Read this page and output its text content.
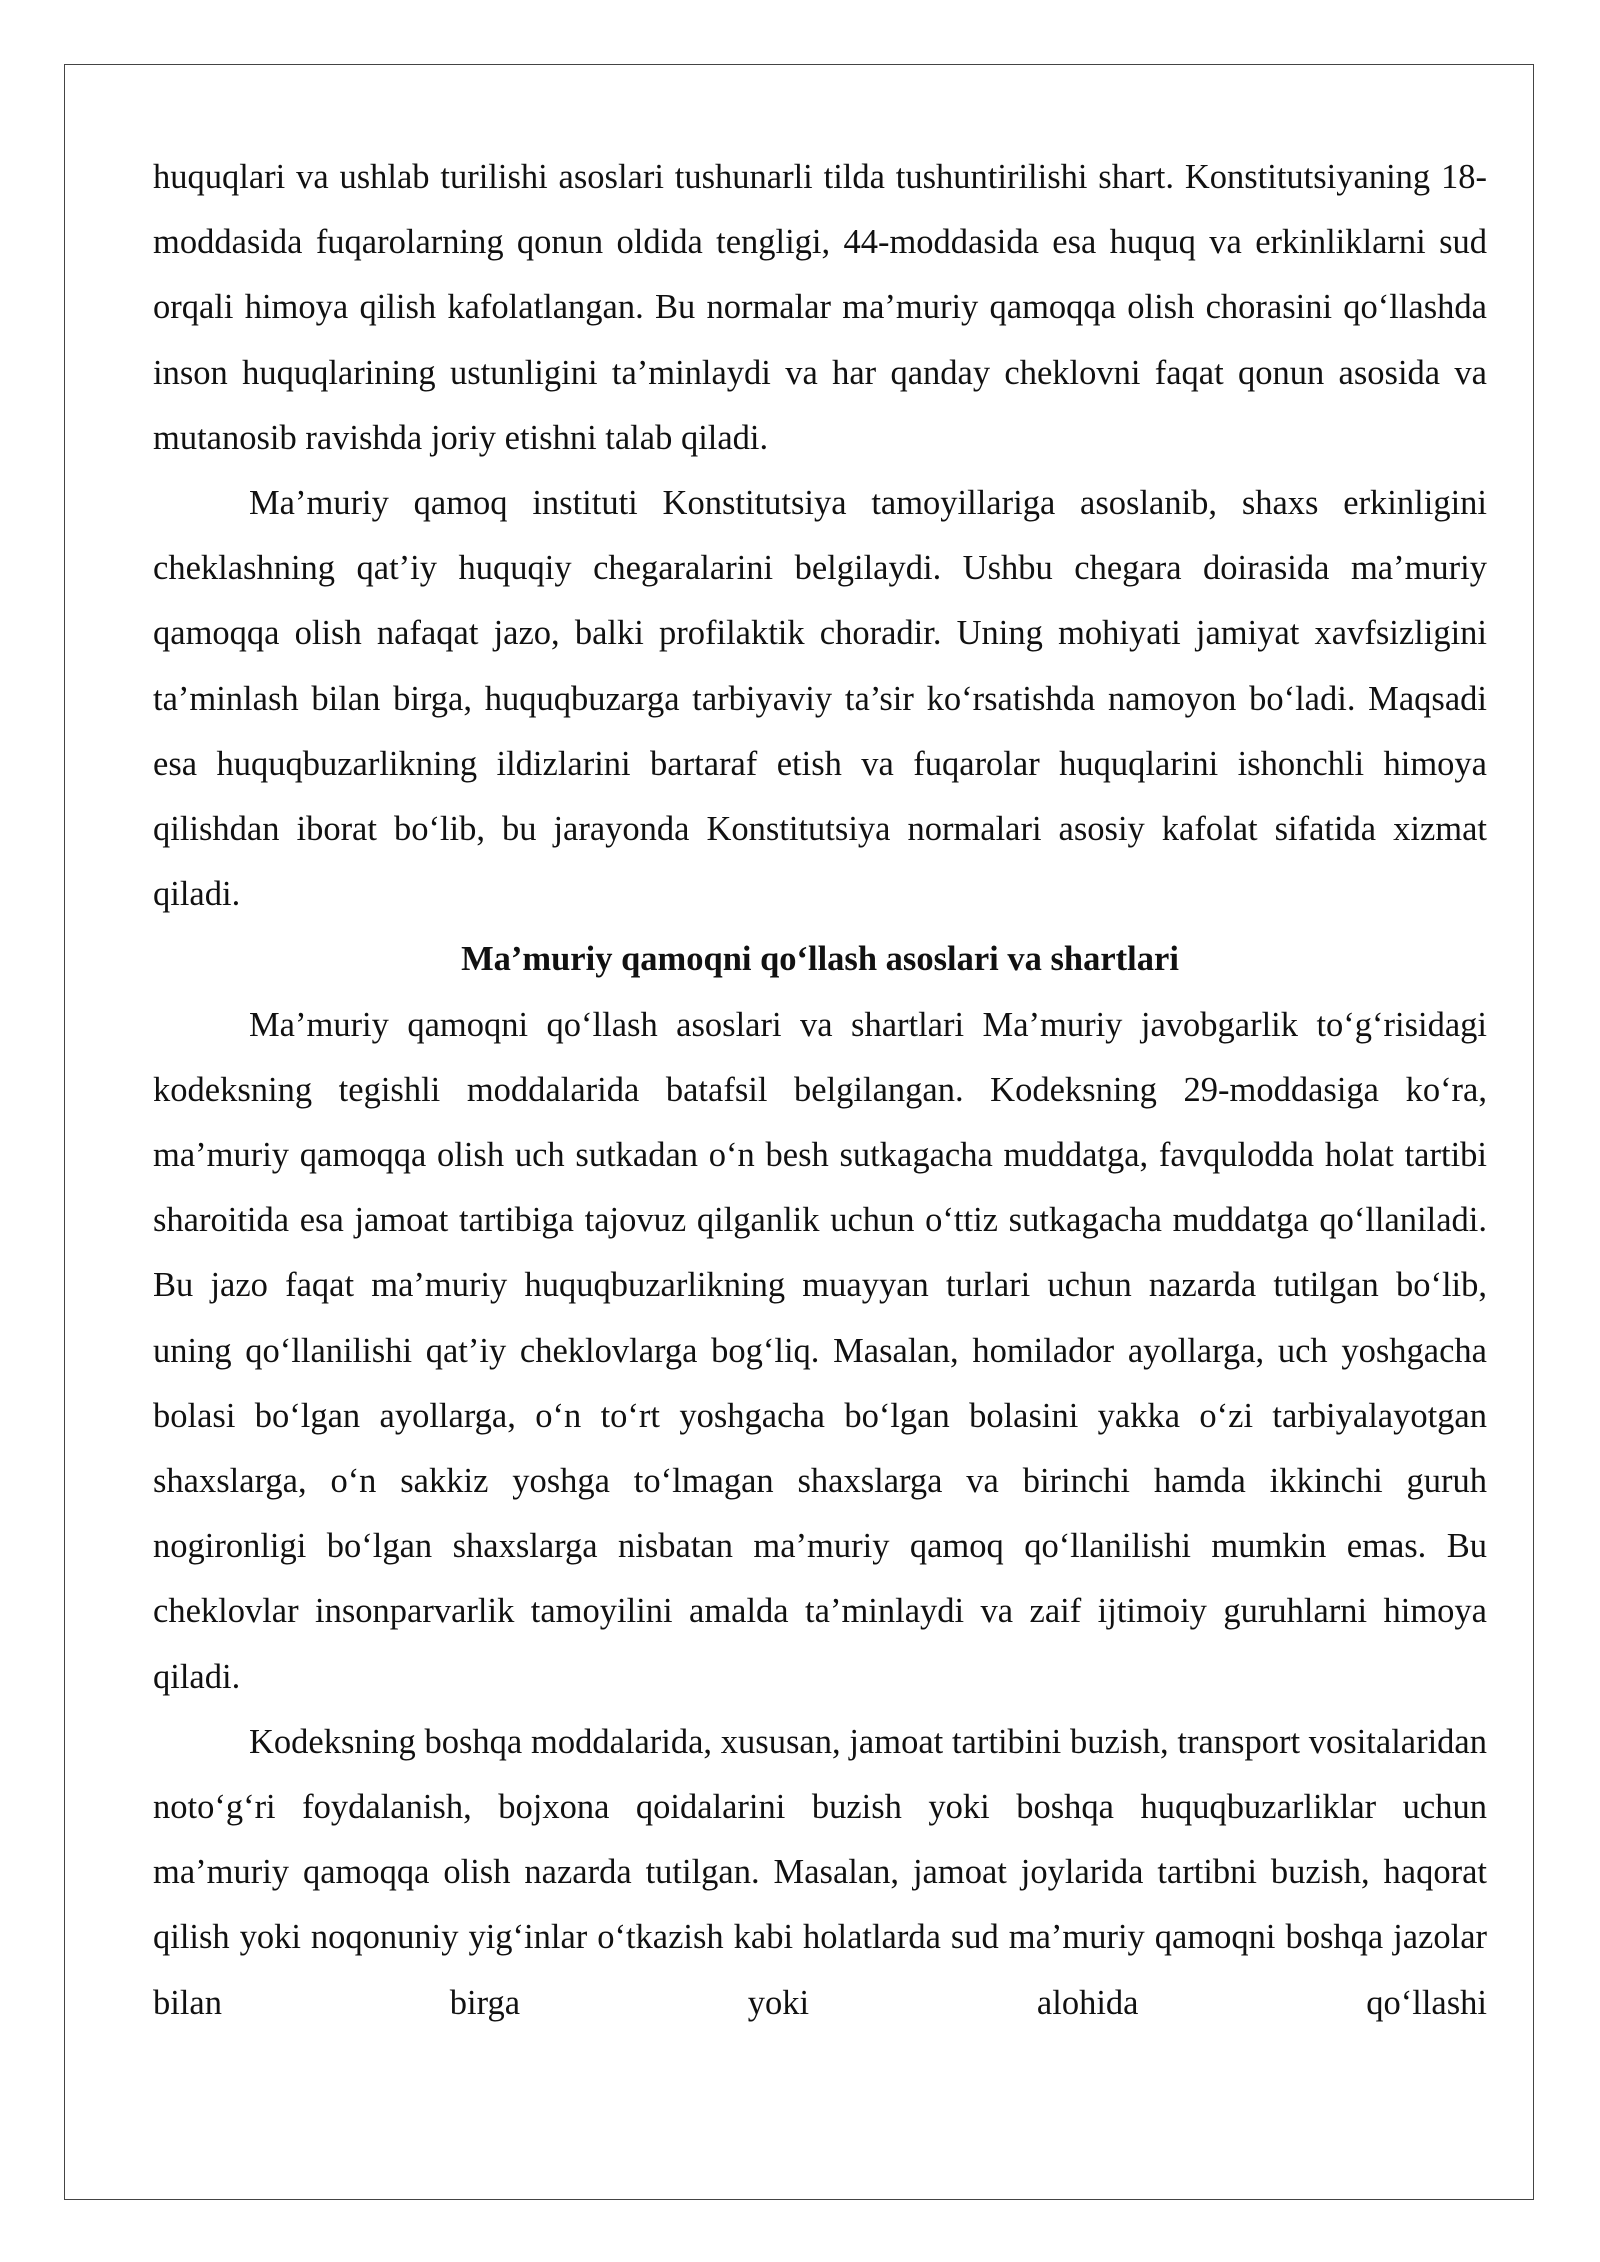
huquqlari va ushlab turilishi asoslari tushunarli tilda tushuntirilishi shart. Konstitutsiyaning 18-moddasida fuqarolarning qonun oldida tengligi, 44-moddasida esa huquq va erkinliklarni sud orqali himoya qilish kafolatlangan. Bu normalar ma’muriy qamoqqa olish chorasini qo‘llashda inson huquqlarining ustunligini ta’minlaydi va har qanday cheklovni faqat qonun asosida va mutanosib ravishda joriy etishni talab qiladi.

Ma’muriy qamoq instituti Konstitutsiya tamoyillariga asoslanib, shaxs erkinligini cheklashning qat’iy huquqiy chegaralarini belgilaydi. Ushbu chegara doirasida ma’muriy qamoqqa olish nafaqat jazo, balki profilaktik choradir. Uning mohiyati jamiyat xavfsizligini ta’minlash bilan birga, huquqbuzarga tarbiyaviy ta’sir ko‘rsatishda namoyon bo‘ladi. Maqsadi esa huquqbuzarlikning ildizlarini bartaraf etish va fuqarolar huquqlarini ishonchli himoya qilishdan iborat bo‘lib, bu jarayonda Konstitutsiya normalari asosiy kafolat sifatida xizmat qiladi.

Ma’muriy qamoqni qo‘llash asoslari va shartlari

Ma’muriy qamoqni qo‘llash asoslari va shartlari Ma’muriy javobgarlik to‘g‘risidagi kodeksning tegishli moddalarida batafsil belgilangan. Kodeksning 29-moddasiga ko‘ra, ma’muriy qamoqqa olish uch sutkadan o‘n besh sutkagacha muddatga, favqulodda holat tartibi sharoitida esa jamoat tartibiga tajovuz qilganlik uchun o‘ttiz sutkagacha muddatga qo‘llaniladi. Bu jazo faqat ma’muriy huquqbuzarlikning muayyan turlari uchun nazarda tutilgan bo‘lib, uning qo‘llanilishi qat’iy cheklovlarga bog‘liq. Masalan, homilador ayollarga, uch yoshgacha bolasi bo‘lgan ayollarga, o‘n to‘rt yoshgacha bo‘lgan bolasini yakka o‘zi tarbiyalayotgan shaxslarga, o‘n sakkiz yoshga to‘lmagan shaxslarga va birinchi hamda ikkinchi guruh nogironligi bo‘lgan shaxslarga nisbatan ma’muriy qamoq qo‘llanilishi mumkin emas. Bu cheklovlar insonparvarlik tamoyilini amalda ta’minlaydi va zaif ijtimoiy guruhlarni himoya qiladi.

Kodeksning boshqa moddalarida, xususan, jamoat tartibini buzish, transport vositalaridan noto‘g‘ri foydalanish, bojxona qoidalarini buzish yoki boshqa huquqbuzarliklar uchun ma’muriy qamoqqa olish nazarda tutilgan. Masalan, jamoat joylarida tartibni buzish, haqorat qilish yoki noqonuniy yig‘inlar o‘tkazish kabi holatlarda sud ma’muriy qamoqni boshqa jazolar bilan birga yoki alohida qo‘llashi
